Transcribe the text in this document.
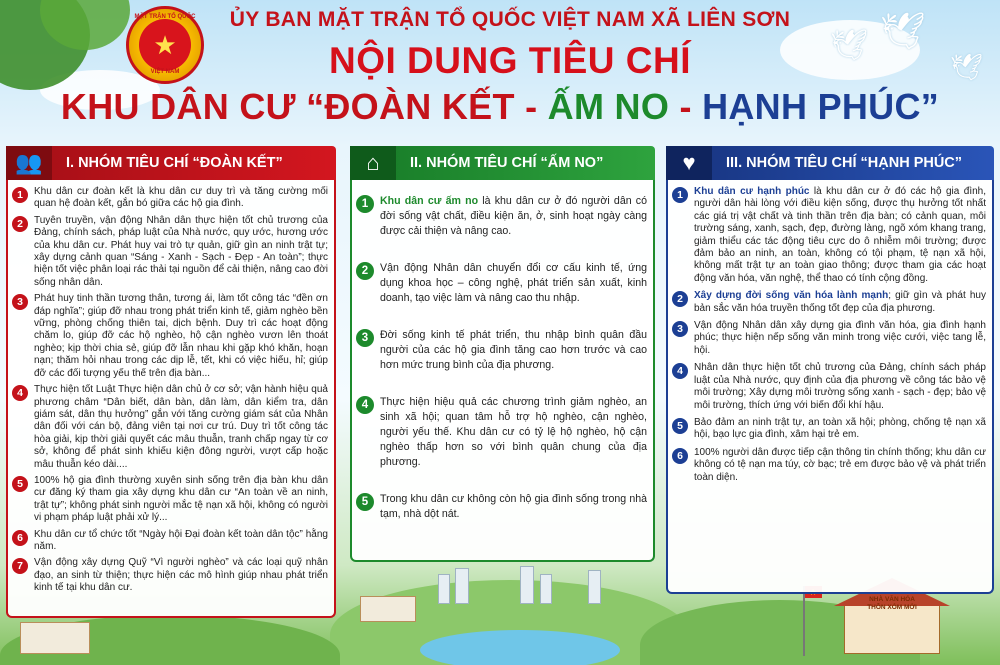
🕊 🕊
🕊
NHÀ VĂN HÓA
THÔN XÓM MỚI
MẶT TRẬN TỔ QUỐC
★
VIỆT NAM
ỦY BAN MẶT TRẬN TỔ QUỐC VIỆT NAM XÃ LIÊN SƠN
NỘI DUNG TIÊU CHÍ
KHU DÂN CƯ “ĐOÀN KẾT - ẤM NO - HẠNH PHÚC”
👥	I. NHÓM TIÊU CHÍ “ĐOÀN KẾT”
1	Khu dân cư đoàn kết là khu dân cư duy trì và tăng cường mối quan hệ đoàn kết, gắn bó giữa các hộ gia đình.
2	Tuyên truyền, vận động Nhân dân thực hiện tốt chủ trương của Đảng, chính sách, pháp luật của Nhà nước, quy ước, hương ước của khu dân cư. Phát huy vai trò tự quản, giữ gìn an ninh trật tự; xây dựng cảnh quan “Sáng - Xanh - Sạch - Đẹp - An toàn”; thực hiện tốt việc phân loại rác thải tại nguồn để cải thiện, nâng cao đời sống nhân dân.
3	Phát huy tinh thần tương thân, tương ái, làm tốt công tác “đền ơn đáp nghĩa”; giúp đỡ nhau trong phát triển kinh tế, giảm nghèo bền vững, phòng chống thiên tai, dịch bệnh. Duy trì các hoạt động chăm lo, giúp đỡ các hộ nghèo, hộ cận nghèo vươn lên thoát nghèo; kịp thời chia sẻ, giúp đỡ lẫn nhau khi gặp khó khăn, hoạn nạn; thăm hỏi nhau trong các dịp lễ, tết, khi có việc hiếu, hỉ; giúp đỡ các đối tượng yếu thế trên địa bàn...
4	Thực hiện tốt Luật Thực hiện dân chủ ở cơ sở; vận hành hiệu quả phương châm “Dân biết, dân bàn, dân làm, dân kiểm tra, dân giám sát, dân thụ hưởng” gắn với tăng cường giám sát của Nhân dân đối với cán bộ, đảng viên tại nơi cư trú. Duy trì tốt công tác hòa giải, kịp thời giải quyết các mâu thuẫn, tranh chấp ngay từ cơ sở, không để phát sinh khiếu kiện đông người, vượt cấp hoặc mâu thuẫn kéo dài....
5	100% hộ gia đình thường xuyên sinh sống trên địa bàn khu dân cư đăng ký tham gia xây dựng khu dân cư “An toàn về an ninh, trật tự”; không phát sinh người mắc tệ nạn xã hội, không có người vi phạm pháp luật phải xử lý...
6	Khu dân cư tổ chức tốt “Ngày hội Đại đoàn kết toàn dân tộc” hằng năm.
7	Vận động xây dựng Quỹ “Vì người nghèo” và các loại quỹ nhân đạo, an sinh từ thiện; thực hiện các mô hình giúp nhau phát triển kinh tế tại khu dân cư.
⌂	II. NHÓM TIÊU CHÍ “ẤM NO”
1	Khu dân cư ấm no là khu dân cư ở đó người dân có đời sống vật chất, điều kiện ăn, ở, sinh hoạt ngày càng được cải thiện và nâng cao.
2	Vận động Nhân dân chuyển đổi cơ cấu kinh tế, ứng dụng khoa học – công nghệ, phát triển sản xuất, kinh doanh, tạo việc làm và nâng cao thu nhập.
3	Đời sống kinh tế phát triển, thu nhập bình quân đầu người của các hộ gia đình tăng cao hơn trước và cao hơn mức trung bình của địa phương.
4	Thực hiện hiệu quả các chương trình giảm nghèo, an sinh xã hội; quan tâm hỗ trợ hộ nghèo, cận nghèo, người yếu thế. Khu dân cư có tỷ lệ hộ nghèo, hộ cận nghèo thấp hơn so với bình quân chung của địa phương.
5	Trong khu dân cư không còn hộ gia đình sống trong nhà tạm, nhà dột nát.
♥	III. NHÓM TIÊU CHÍ “HẠNH PHÚC”
1	Khu dân cư hạnh phúc là khu dân cư ở đó các hộ gia đình, người dân hài lòng với điều kiện sống, được thụ hưởng tốt nhất các giá trị vật chất và tinh thần trên địa bàn; có cảnh quan, môi trường sáng, xanh, sạch, đẹp, đường làng, ngõ xóm khang trang, giảm thiểu các tác động tiêu cực do ô nhiễm môi trường; được đảm bảo an ninh, an toàn, không có tội phạm, tệ nạn xã hội, không mất trật tự an toàn giao thông; được tham gia các hoạt động văn hóa, văn nghệ, thể thao có tính cộng đồng.
2	Xây dựng đời sống văn hóa lành mạnh; giữ gìn và phát huy bản sắc văn hóa truyền thống tốt đẹp của địa phương.
3	Vận động Nhân dân xây dựng gia đình văn hóa, gia đình hạnh phúc; thực hiện nếp sống văn minh trong việc cưới, việc tang lễ, hội.
4	Nhân dân thực hiện tốt chủ trương của Đảng, chính sách pháp luật của Nhà nước, quy định của địa phương về công tác bảo vệ môi trường; Xây dựng môi trường sống xanh - sạch - đẹp; bảo vệ môi trường, thích ứng với biến đổi khí hậu.
5	Bảo đảm an ninh trật tự, an toàn xã hội; phòng, chống tệ nạn xã hội, bạo lực gia đình, xâm hại trẻ em.
6	100% người dân được tiếp cận thông tin chính thống; khu dân cư không có tệ nạn ma túy, cờ bạc; trẻ em được bảo vệ và phát triển toàn diện.
